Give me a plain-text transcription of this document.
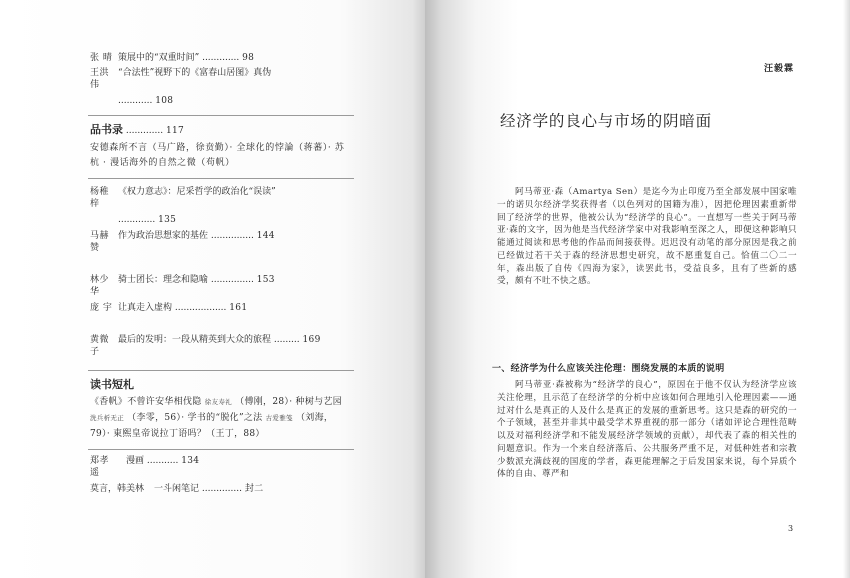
张 晴 策展中的“双重时间” ............. 98
王洪伟
“合法性”视野下的《富春山居图》真伪
............ 108
品书录 ............. 117
安德森所不言（马广路，徐贲勤）· 全球化的悖論（蒋蕃）· 苏杭 · 漫话海外的自然之微（苟帆）
杨稚梓
《权力意志》：尼采哲学的政治化“误读”
............. 135
马赫赞
作为政治思想家的基佐 ............... 144
林少华
骑士团长：理念和隐喻 ............... 153
庞 宇 让真走入虚构 .................. 161
黄微子
最后的发明：一段从精英到大众的旅程 ......... 169
读书短札
《香帆》不曾许安华相伐隐 徐友寿礼 （傅刚，28）· 种树与艺园
洗兵析无正 （李零，56）· 学书的“脱化”之法 古爱雅笺 （刘海，
79）· 東熙皇帝说拉丁语吗？（王丁，88）
郑孝遥
漫画 ........... 134
莫言，韩美林	一斗闲笔记 .............. 封二
汪毅霖
经济学的良心与市场的阴暗面

阿马蒂亚·森（Amartya Sen）是迄今为止印度乃至全部发展中国家唯一的诺贝尔经济学奖获得者（以色列对的国籍为准），因把伦理因素重新带回了经济学的世界，他被公认为“经济学的良心”。一直想写一些关于阿马蒂亚·森的文字，因为他是当代经济学家中对我影响至深之人，即便这种影响只能通过阅读和思考他的作品而间接获得。迟迟没有动笔的部分原因是我之前已经做过若干关于森的经济思想史研究，故不愿重复自己。恰值二〇二一年，森出版了自传《四海为家》，读罢此书，受益良多，且有了些新的感受，颇有不吐不快之感。

一、经济学为什么应该关注伦理：围绕发展的本质的说明

阿马蒂亚·森被称为“经济学的良心”，原因在于他不仅认为经济学应该关注伦理，且示范了在经济学的分析中应该如何合理地引入伦理因素——通过对什么是真正的人及什么是真正的发展的重新思考。这只是森的研究的一个子领域，甚至并非其中最受学术界重视的那一部分（诸如评论合理性范畴以及对福利经济学和不能发展经济学领域的贡献），却代表了森的相关性的问题意识。作为一个来自经济落后、公共服务严重不足，对低种姓者和宗教少数派充满歧视的国度的学者，森更能理解之于后发国家来说，每个异质个体的自由、尊严和

3
